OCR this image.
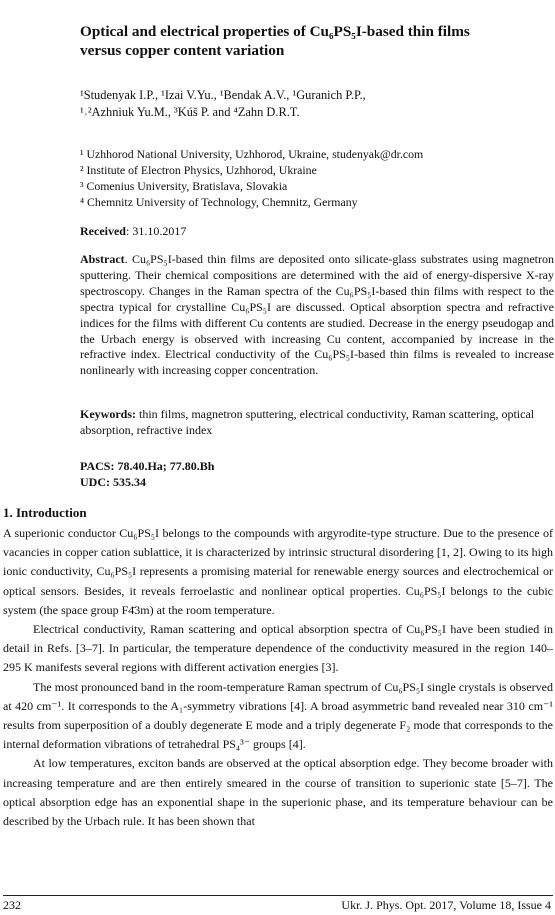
Optical and electrical properties of Cu₆PS₅I-based thin films
versus copper content variation
¹Studenyak I.P., ¹Izai V.Yu., ¹Bendak A.V., ¹Guranich P.P.,
¹˒²Azhniuk Yu.M., ³Kúš P. and ⁴Zahn D.R.T.
¹ Uzhhorod National University, Uzhhorod, Ukraine, studenyak@dr.com
² Institute of Electron Physics, Uzhhorod, Ukraine
³ Comenius University, Bratislava, Slovakia
⁴ Chemnitz University of Technology, Chemnitz, Germany
Received: 31.10.2017
Abstract. Cu₆PS₅I-based thin films are deposited onto silicate-glass substrates using magnetron sputtering. Their chemical compositions are determined with the aid of energy-dispersive X-ray spectroscopy. Changes in the Raman spectra of the Cu₆PS₅I-based thin films with respect to the spectra typical for crystalline Cu₆PS₅I are discussed. Optical absorption spectra and refractive indices for the films with different Cu contents are studied. Decrease in the energy pseudogap and the Urbach energy is observed with increasing Cu content, accompanied by increase in the refractive index. Electrical conductivity of the Cu₆PS₅I-based thin films is revealed to increase nonlinearly with increasing copper concentration.
Keywords: thin films, magnetron sputtering, electrical conductivity, Raman scattering, optical absorption, refractive index
PACS: 78.40.Ha; 77.80.Bh
UDC: 535.34
1. Introduction

A superionic conductor Cu₆PS₅I belongs to the compounds with argyrodite-type structure. Due to the presence of vacancies in copper cation sublattice, it is characterized by intrinsic structural disordering [1, 2]. Owing to its high ionic conductivity, Cu₆PS₅I represents a promising material for renewable energy sources and electrochemical or optical sensors. Besides, it reveals ferroelastic and nonlinear optical properties. Cu₆PS₅I belongs to the cubic system (the space group F4̄3m) at the room temperature.

Electrical conductivity, Raman scattering and optical absorption spectra of Cu₆PS₅I have been studied in detail in Refs. [3–7]. In particular, the temperature dependence of the conductivity measured in the region 140–295 K manifests several regions with different activation energies [3].

The most pronounced band in the room-temperature Raman spectrum of Cu₆PS₅I single crystals is observed at 420 cm⁻¹. It corresponds to the A₁-symmetry vibrations [4]. A broad asymmetric band revealed near 310 cm⁻¹ results from superposition of a doubly degenerate E mode and a triply degenerate F₂ mode that corresponds to the internal deformation vibrations of tetrahedral PS₄³⁻ groups [4].

At low temperatures, exciton bands are observed at the optical absorption edge. They become broader with increasing temperature and are then entirely smeared in the course of transition to superionic state [5–7]. The optical absorption edge has an exponential shape in the superionic phase, and its temperature behaviour can be described by the Urbach rule. It has been shown that

232	Ukr. J. Phys. Opt. 2017, Volume 18, Issue 4
